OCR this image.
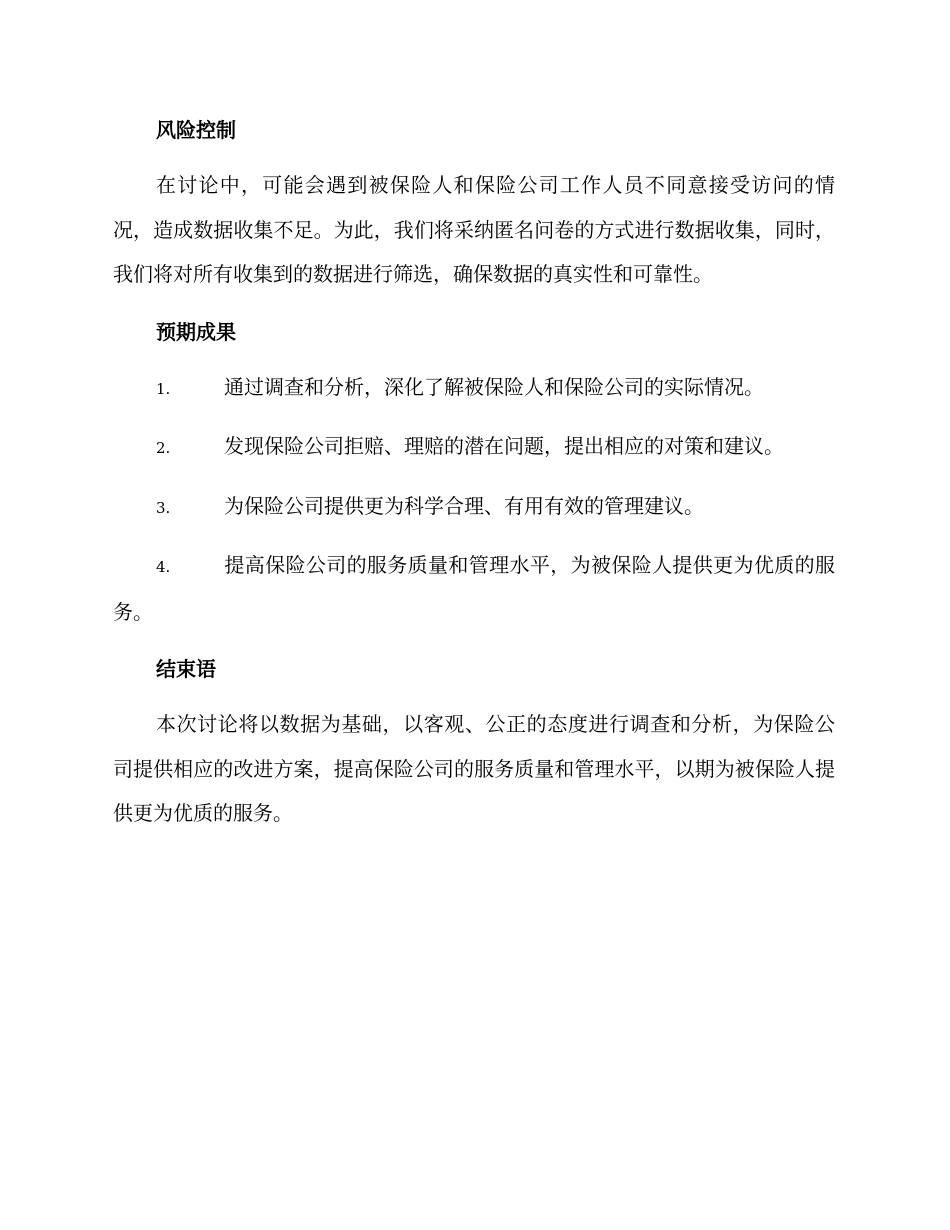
风险控制

在讨论中，可能会遇到被保险人和保险公司工作人员不同意接受访问的情况，造成数据收集不足。为此，我们将采纳匿名问卷的方式进行数据收集，同时，我们将对所有收集到的数据进行筛选，确保数据的真实性和可靠性。

预期成果
1.	通过调查和分析，深化了解被保险人和保险公司的实际情况。
2.	发现保险公司拒赔、理赔的潜在问题，提出相应的对策和建议。
3.	为保险公司提供更为科学合理、有用有效的管理建议。
4.	提高保险公司的服务质量和管理水平，为被保险人提供更为优质的服务。
结束语

本次讨论将以数据为基础，以客观、公正的态度进行调查和分析，为保险公司提供相应的改进方案，提高保险公司的服务质量和管理水平，以期为被保险人提供更为优质的服务。
